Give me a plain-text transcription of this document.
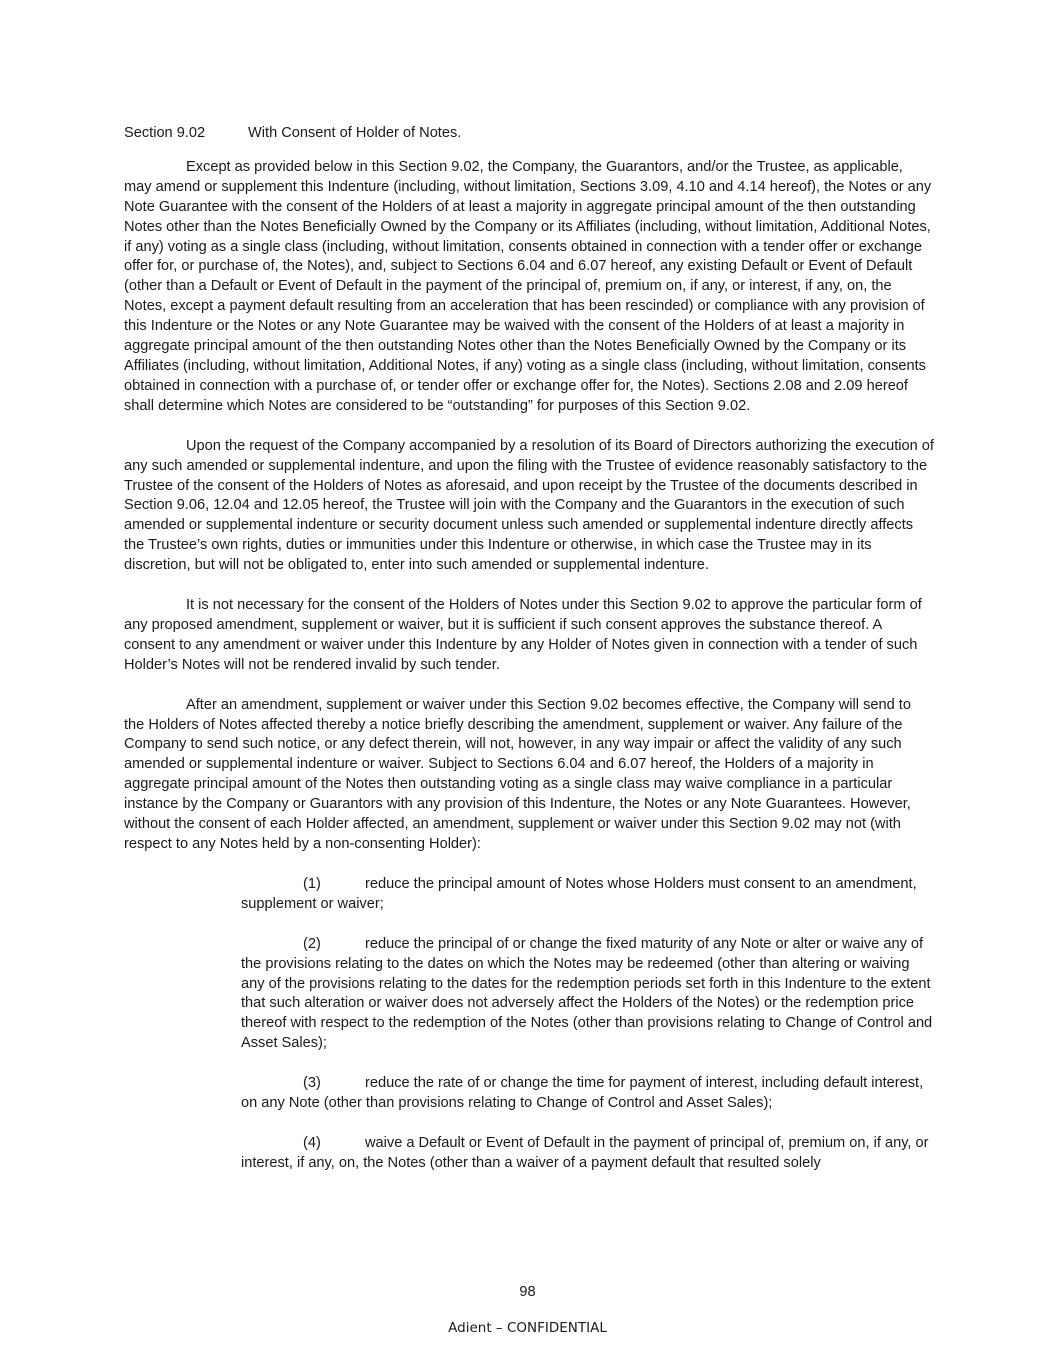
Section 9.02	With Consent of Holder of Notes.

Except as provided below in this Section 9.02, the Company, the Guarantors, and/or the Trustee, as applicable, may amend or supplement this Indenture (including, without limitation, Sections 3.09, 4.10 and 4.14 hereof), the Notes or any Note Guarantee with the consent of the Holders of at least a majority in aggregate principal amount of the then outstanding Notes other than the Notes Beneficially Owned by the Company or its Affiliates (including, without limitation, Additional Notes, if any) voting as a single class (including, without limitation, consents obtained in connection with a tender offer or exchange offer for, or purchase of, the Notes), and, subject to Sections 6.04 and 6.07 hereof, any existing Default or Event of Default (other than a Default or Event of Default in the payment of the principal of, premium on, if any, or interest, if any, on, the Notes, except a payment default resulting from an acceleration that has been rescinded) or compliance with any provision of this Indenture or the Notes or any Note Guarantee may be waived with the consent of the Holders of at least a majority in aggregate principal amount of the then outstanding Notes other than the Notes Beneficially Owned by the Company or its Affiliates (including, without limitation, Additional Notes, if any) voting as a single class (including, without limitation, consents obtained in connection with a purchase of, or tender offer or exchange offer for, the Notes). Sections 2.08 and 2.09 hereof shall determine which Notes are considered to be “outstanding” for purposes of this Section 9.02.

Upon the request of the Company accompanied by a resolution of its Board of Directors authorizing the execution of any such amended or supplemental indenture, and upon the filing with the Trustee of evidence reasonably satisfactory to the Trustee of the consent of the Holders of Notes as aforesaid, and upon receipt by the Trustee of the documents described in Section 9.06, 12.04 and 12.05 hereof, the Trustee will join with the Company and the Guarantors in the execution of such amended or supplemental indenture or security document unless such amended or supplemental indenture directly affects the Trustee’s own rights, duties or immunities under this Indenture or otherwise, in which case the Trustee may in its discretion, but will not be obligated to, enter into such amended or supplemental indenture.

It is not necessary for the consent of the Holders of Notes under this Section 9.02 to approve the particular form of any proposed amendment, supplement or waiver, but it is sufficient if such consent approves the substance thereof. A consent to any amendment or waiver under this Indenture by any Holder of Notes given in connection with a tender of such Holder’s Notes will not be rendered invalid by such tender.

After an amendment, supplement or waiver under this Section 9.02 becomes effective, the Company will send to the Holders of Notes affected thereby a notice briefly describing the amendment, supplement or waiver. Any failure of the Company to send such notice, or any defect therein, will not, however, in any way impair or affect the validity of any such amended or supplemental indenture or waiver. Subject to Sections 6.04 and 6.07 hereof, the Holders of a majority in aggregate principal amount of the Notes then outstanding voting as a single class may waive compliance in a particular instance by the Company or Guarantors with any provision of this Indenture, the Notes or any Note Guarantees. However, without the consent of each Holder affected, an amendment, supplement or waiver under this Section 9.02 may not (with respect to any Notes held by a non-consenting Holder):

(1)	reduce the principal amount of Notes whose Holders must consent to an amendment, supplement or waiver;

(2)	reduce the principal of or change the fixed maturity of any Note or alter or waive any of the provisions relating to the dates on which the Notes may be redeemed (other than altering or waiving any of the provisions relating to the dates for the redemption periods set forth in this Indenture to the extent that such alteration or waiver does not adversely affect the Holders of the Notes) or the redemption price thereof with respect to the redemption of the Notes (other than provisions relating to Change of Control and Asset Sales);

(3)	reduce the rate of or change the time for payment of interest, including default interest, on any Note (other than provisions relating to Change of Control and Asset Sales);

(4)	waive a Default or Event of Default in the payment of principal of, premium on, if any, or interest, if any, on, the Notes (other than a waiver of a payment default that resulted solely

98
Adient – CONFIDENTIAL
